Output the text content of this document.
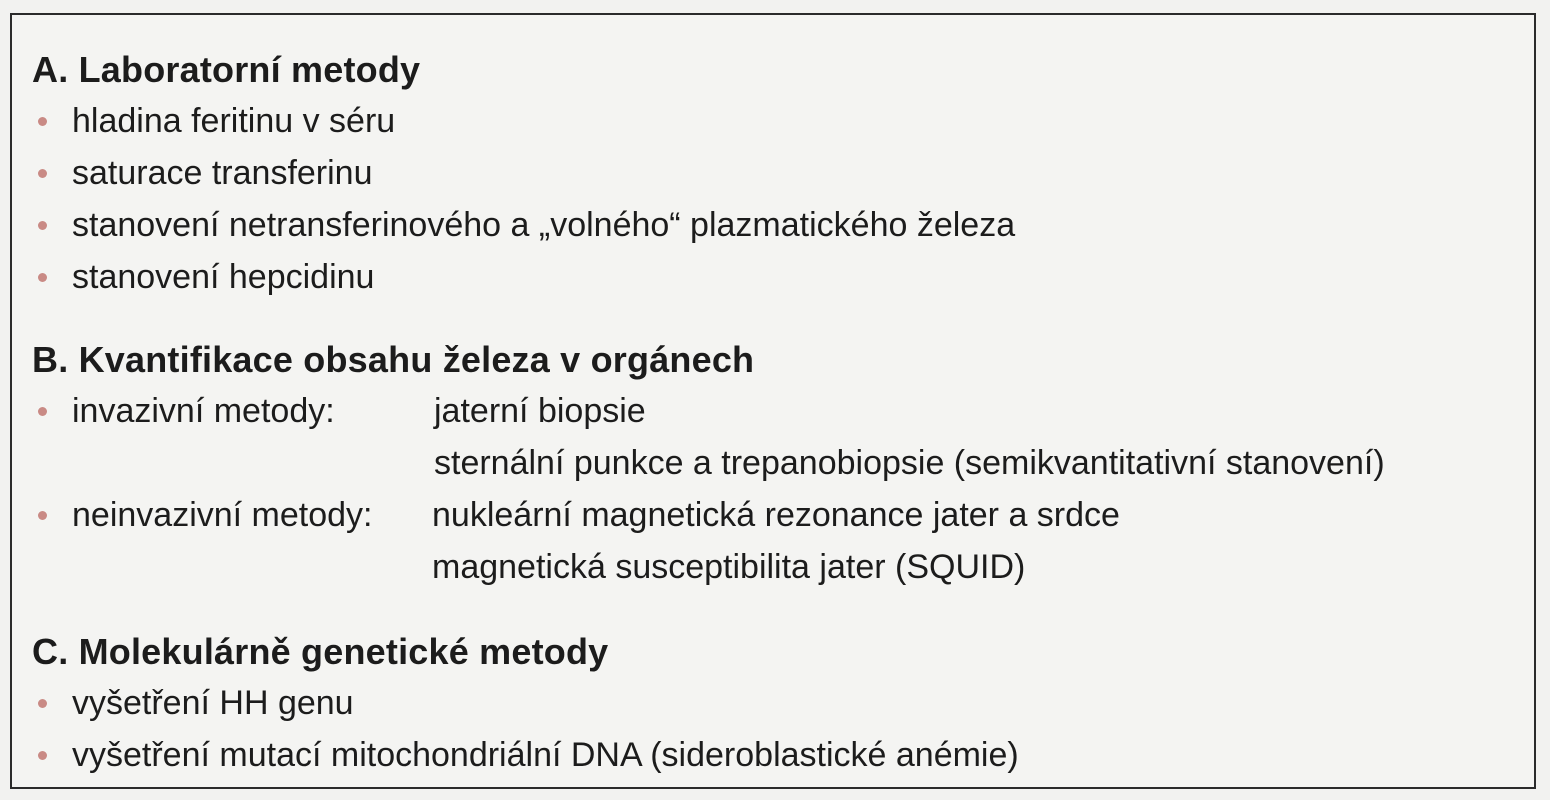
A. Laboratorní metody
hladina feritinu v séru
saturace transferinu
stanovení netransferinového a „volného“ plazmatického železa
stanovení hepcidinu
B. Kvantifikace obsahu železa v orgánech
invazivní metody:	jaterní biopsie
sternální punkce a trepanobiopsie (semikvantitativní stanovení)
neinvazivní metody:	nukleární magnetická rezonance jater a srdce
magnetická susceptibilita jater (SQUID)
C. Molekulárně genetické metody
vyšetření HH genu
vyšetření mutací mitochondriální DNA (sideroblastické anémie)
